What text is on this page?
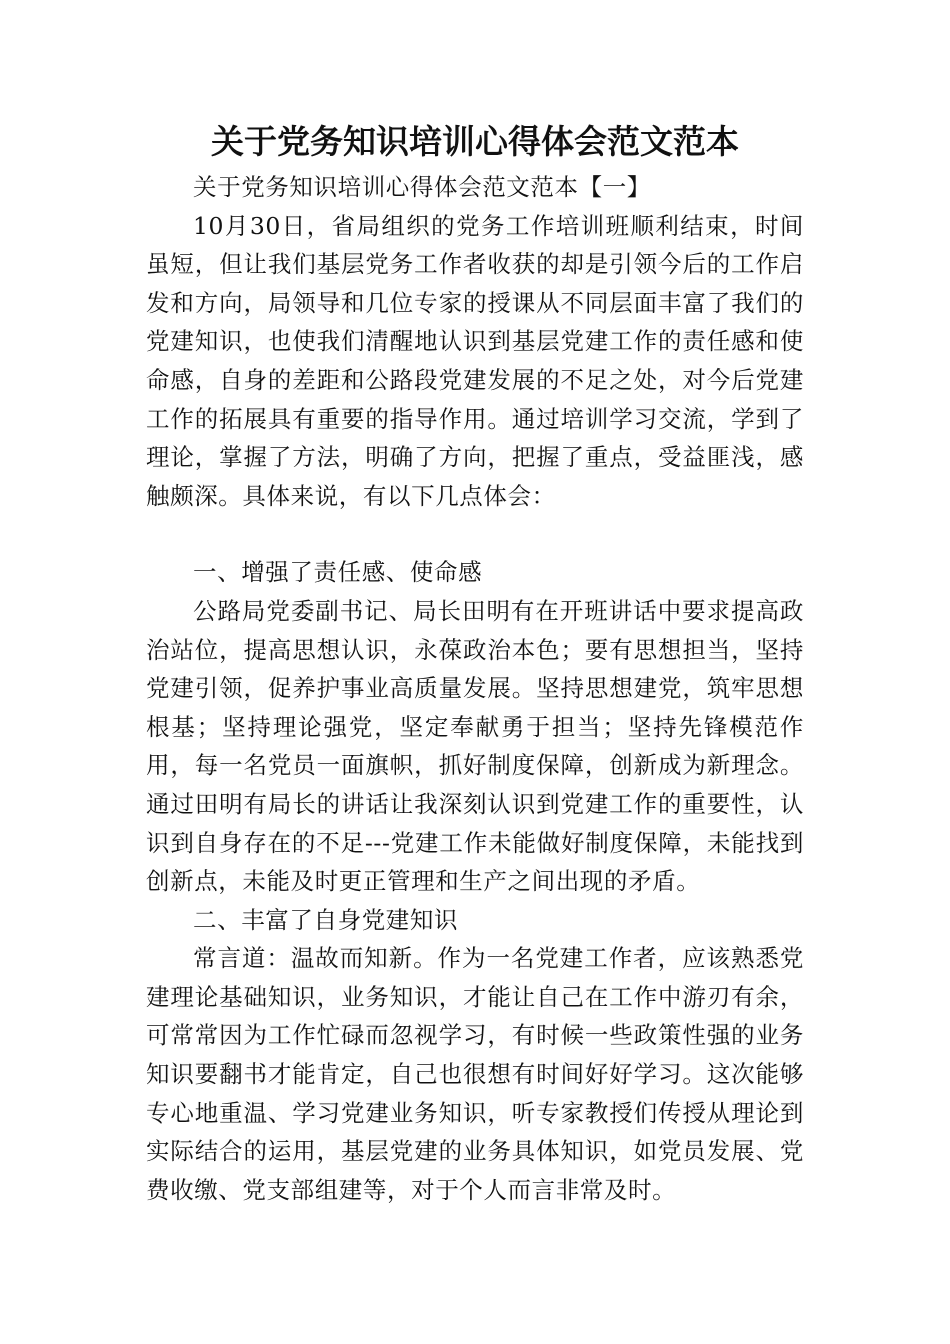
关于党务知识培训心得体会范文范本

关于党务知识培训心得体会范文范本【一】

10月30日，省局组织的党务工作培训班顺利结束，时间虽短，但让我们基层党务工作者收获的却是引领今后的工作启发和方向，局领导和几位专家的授课从不同层面丰富了我们的党建知识，也使我们清醒地认识到基层党建工作的责任感和使命感，自身的差距和公路段党建发展的不足之处，对今后党建工作的拓展具有重要的指导作用。通过培训学习交流，学到了理论，掌握了方法，明确了方向，把握了重点，受益匪浅，感触颇深。具体来说，有以下几点体会：

一、增强了责任感、使命感

公路局党委副书记、局长田明有在开班讲话中要求提高政治站位，提高思想认识，永葆政治本色；要有思想担当，坚持党建引领，促养护事业高质量发展。坚持思想建党，筑牢思想根基；坚持理论强党，坚定奉献勇于担当；坚持先锋模范作用，每一名党员一面旗帜，抓好制度保障，创新成为新理念。通过田明有局长的讲话让我深刻认识到党建工作的重要性，认识到自身存在的不足---党建工作未能做好制度保障，未能找到创新点，未能及时更正管理和生产之间出现的矛盾。

二、丰富了自身党建知识

常言道：温故而知新。作为一名党建工作者，应该熟悉党建理论基础知识，业务知识，才能让自己在工作中游刃有余，可常常因为工作忙碌而忽视学习，有时候一些政策性强的业务知识要翻书才能肯定，自己也很想有时间好好学习。这次能够专心地重温、学习党建业务知识，听专家教授们传授从理论到实际结合的运用，基层党建的业务具体知识，如党员发展、党费收缴、党支部组建等，对于个人而言非常及时。
